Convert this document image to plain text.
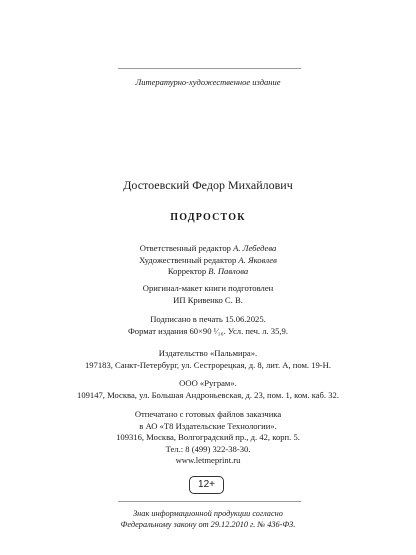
Литературно-художественное издание
Достоевский Федор Михайлович
ПОДРОСТОК
Ответственный редактор А. Лебедева
Художественный редактор А. Яковлев
Корректор В. Павлова
Оригинал-макет книги подготовлен
ИП Кривенко С. В.
Подписано в печать 15.06.2025.
Формат издания 60×90 ¹⁄₁₆. Усл. печ. л. 35,9.
Издательство «Пальмира».
197183, Санкт-Петербург, ул. Сестрорецкая, д. 8, лит. А, пом. 19-Н.
ООО «Руграм».
109147, Москва, ул. Большая Андроньевская, д. 23, пом. 1, ком. каб. 32.
Отпечатано с готовых файлов заказчика
в АО «Т8 Издательские Технологии».
109316, Москва, Волгоградский пр., д. 42, корп. 5.
Тел.: 8 (499) 322-38-30.
www.letmeprint.ru
12+
Знак информационной продукции согласно
Федеральному закону от 29.12.2010 г. № 436-ФЗ.
